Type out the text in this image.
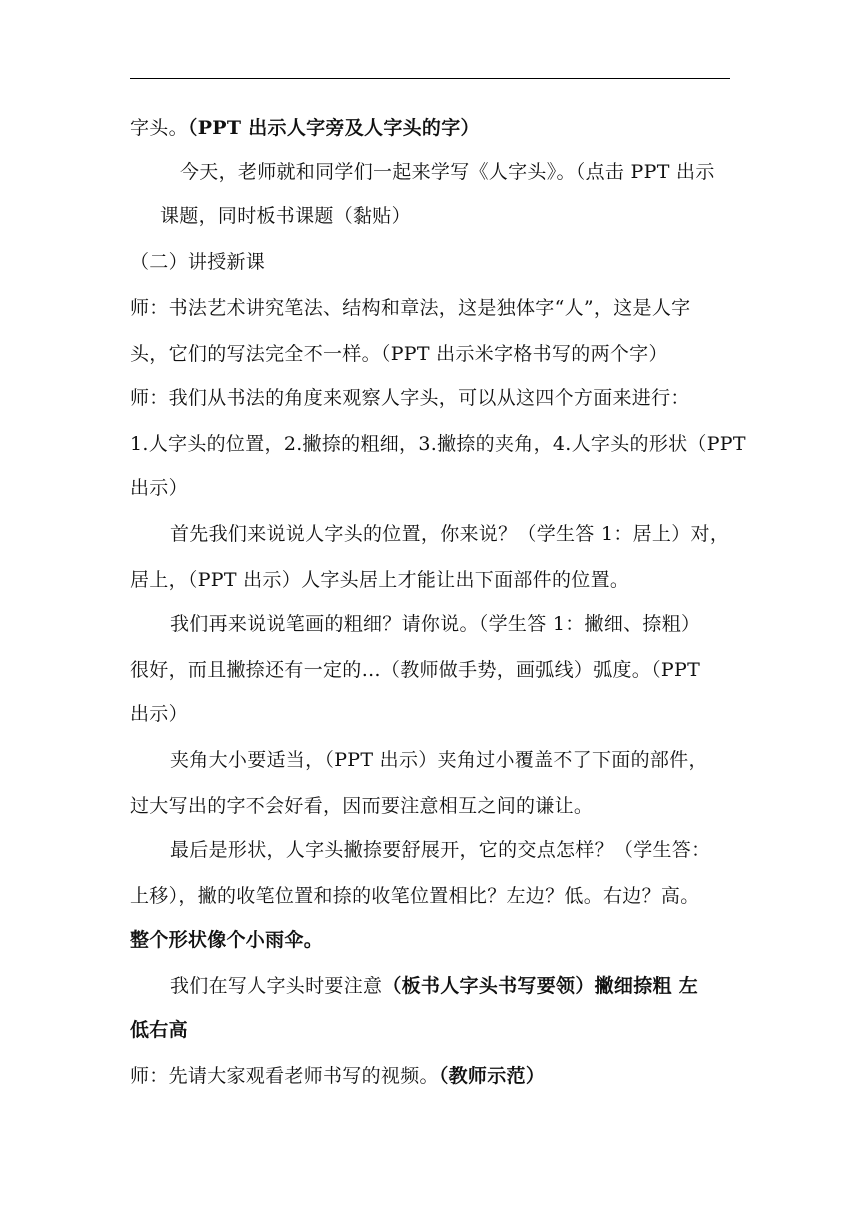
字头。（PPT 出示人字旁及人字头的字）
今天，老师就和同学们一起来学写《人字头》。（点击 PPT 出示
课题，同时板书课题（黏贴）
（二）讲授新课
师：书法艺术讲究笔法、结构和章法，这是独体字“人”，这是人字
头，它们的写法完全不一样。（PPT 出示米字格书写的两个字）
师：我们从书法的角度来观察人字头，可以从这四个方面来进行：
1.人字头的位置，2.撇捺的粗细，3.撇捺的夹角，4.人字头的形状（PPT
出示）
首先我们来说说人字头的位置，你来说？（学生答 1：居上）对，
居上，（PPT 出示）人字头居上才能让出下面部件的位置。
我们再来说说笔画的粗细？请你说。（学生答 1：撇细、捺粗）
很好，而且撇捺还有一定的…（教师做手势，画弧线）弧度。（PPT
出示）
夹角大小要适当，（PPT 出示）夹角过小覆盖不了下面的部件，
过大写出的字不会好看，因而要注意相互之间的谦让。
最后是形状，人字头撇捺要舒展开，它的交点怎样？（学生答：
上移），撇的收笔位置和捺的收笔位置相比？左边？低。右边？高。
整个形状像个小雨伞。
我们在写人字头时要注意（板书人字头书写要领）撇细捺粗 左
低右高
师：先请大家观看老师书写的视频。（教师示范）
